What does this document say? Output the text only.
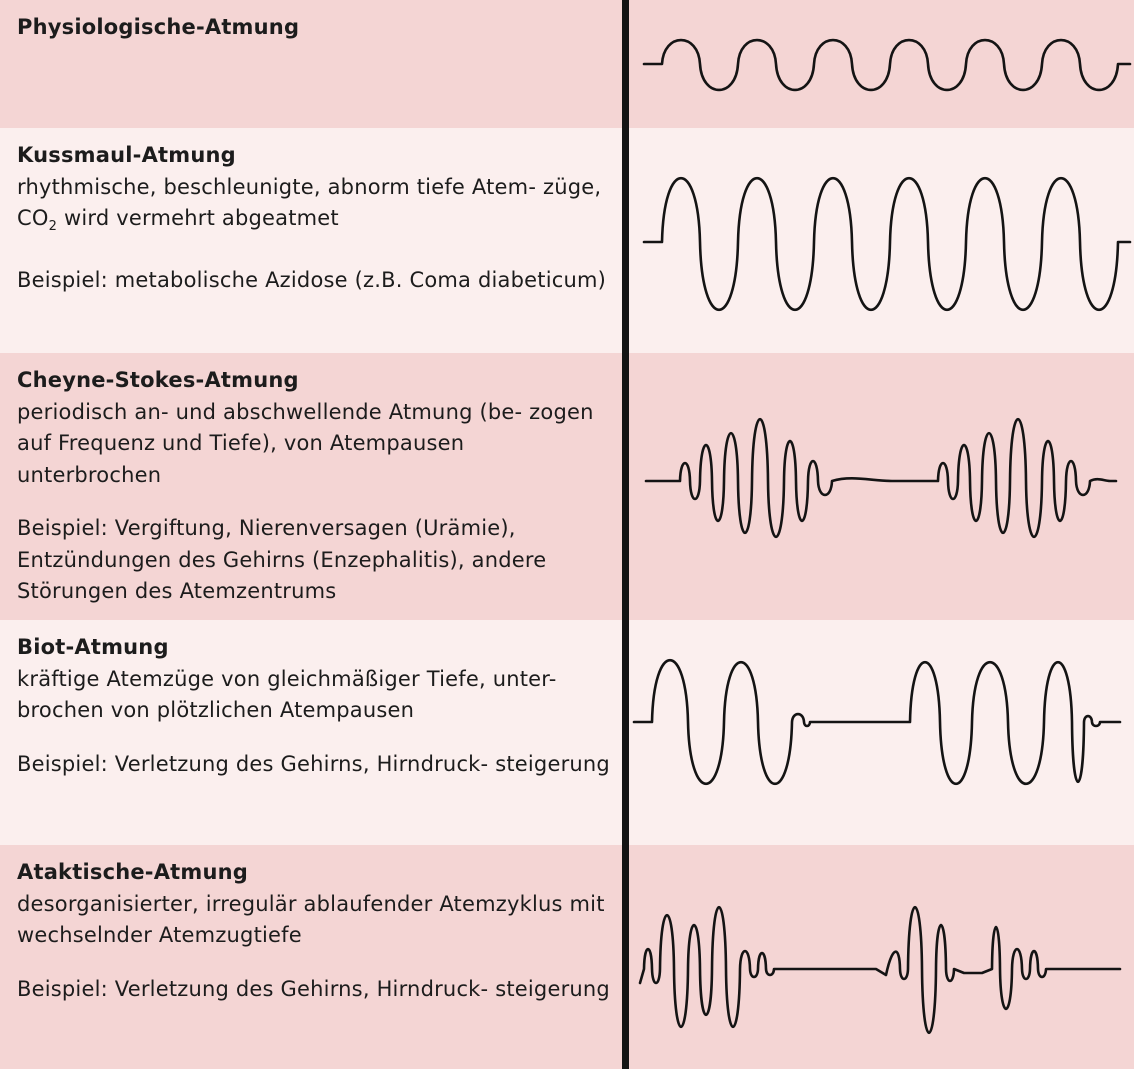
Physiologische-Atmung

Kussmaul-Atmung

rhythmische, beschleunigte, abnorm tiefe Atem- züge, $CO_2$ wird vermehrt abgeatmet

Beispiel: metabolische Azidose (z.B. Coma diabeticum)

Cheyne-Stokes-Atmung

periodisch an- und abschwellende Atmung (be- zogen auf Frequenz und Tiefe), von Atempausen unterbrochen

Beispiel: Vergiftung, Nierenversagen (Urämie), Entzündungen des Gehirns (Enzephalitis), andere Störungen des Atemzentrums

Biot-Atmung

kräftige Atemzüge von gleichmäßiger Tiefe, unter- brochen von plötzlichen Atempausen

Beispiel: Verletzung des Gehirns, Hirndruck- steigerung

Ataktische-Atmung

desorganisierter, irregulär ablaufender Atemzyklus mit wechselnder Atemzugtiefe

Beispiel: Verletzung des Gehirns, Hirndruck- steigerung
